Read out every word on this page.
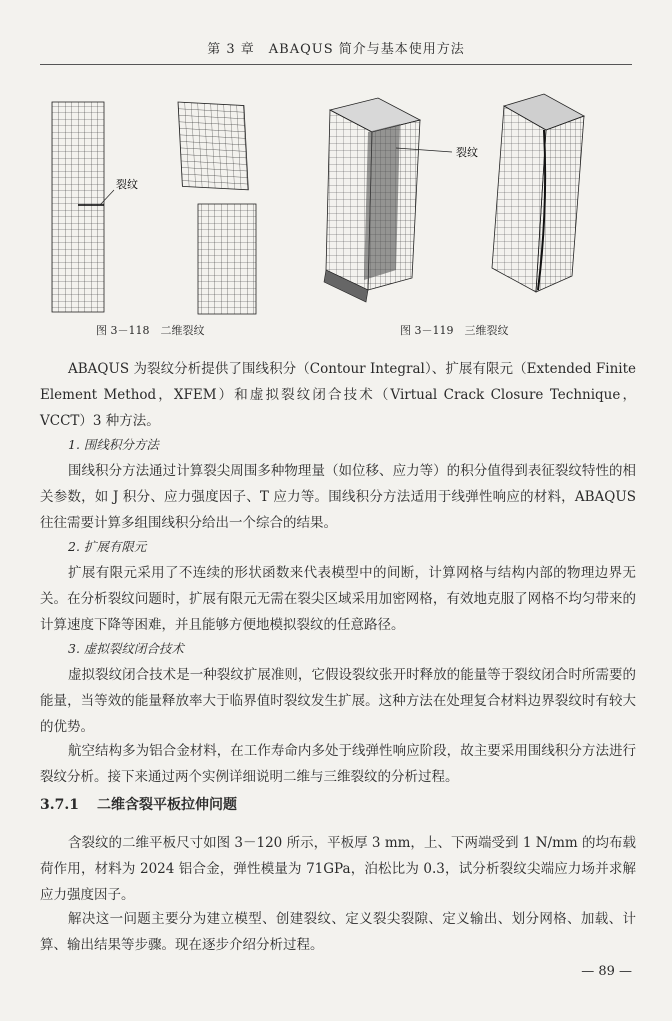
第 3 章　ABAQUS 简介与基本使用方法
裂纹
裂纹
图 3－118　二维裂纹	图 3－119　三维裂纹

ABAQUS 为裂纹分析提供了围线积分（Contour Integral）、扩展有限元（Extended Finite Element Method，XFEM）和虚拟裂纹闭合技术（Virtual Crack Closure Technique，VCCT）3 种方法。

1. 围线积分方法

围线积分方法通过计算裂尖周围多种物理量（如位移、应力等）的积分值得到表征裂纹特性的相关参数，如 J 积分、应力强度因子、T 应力等。围线积分方法适用于线弹性响应的材料，ABAQUS 往往需要计算多组围线积分给出一个综合的结果。

2. 扩展有限元

扩展有限元采用了不连续的形状函数来代表模型中的间断，计算网格与结构内部的物理边界无关。在分析裂纹问题时，扩展有限元无需在裂尖区域采用加密网格，有效地克服了网格不均匀带来的计算速度下降等困难，并且能够方便地模拟裂纹的任意路径。

3. 虚拟裂纹闭合技术

虚拟裂纹闭合技术是一种裂纹扩展准则，它假设裂纹张开时释放的能量等于裂纹闭合时所需要的能量，当等效的能量释放率大于临界值时裂纹发生扩展。这种方法在处理复合材料边界裂纹时有较大的优势。

航空结构多为铝合金材料，在工作寿命内多处于线弹性响应阶段，故主要采用围线积分方法进行裂纹分析。接下来通过两个实例详细说明二维与三维裂纹的分析过程。

3.7.1 二维含裂平板拉伸问题

含裂纹的二维平板尺寸如图 3－120 所示，平板厚 3 mm，上、下两端受到 1 N/mm 的均布载荷作用，材料为 2024 铝合金，弹性模量为 71GPa，泊松比为 0.3，试分析裂纹尖端应力场并求解应力强度因子。

解决这一问题主要分为建立模型、创建裂纹、定义裂尖裂隙、定义输出、划分网格、加载、计算、输出结果等步骤。现在逐步介绍分析过程。

— 89 —
